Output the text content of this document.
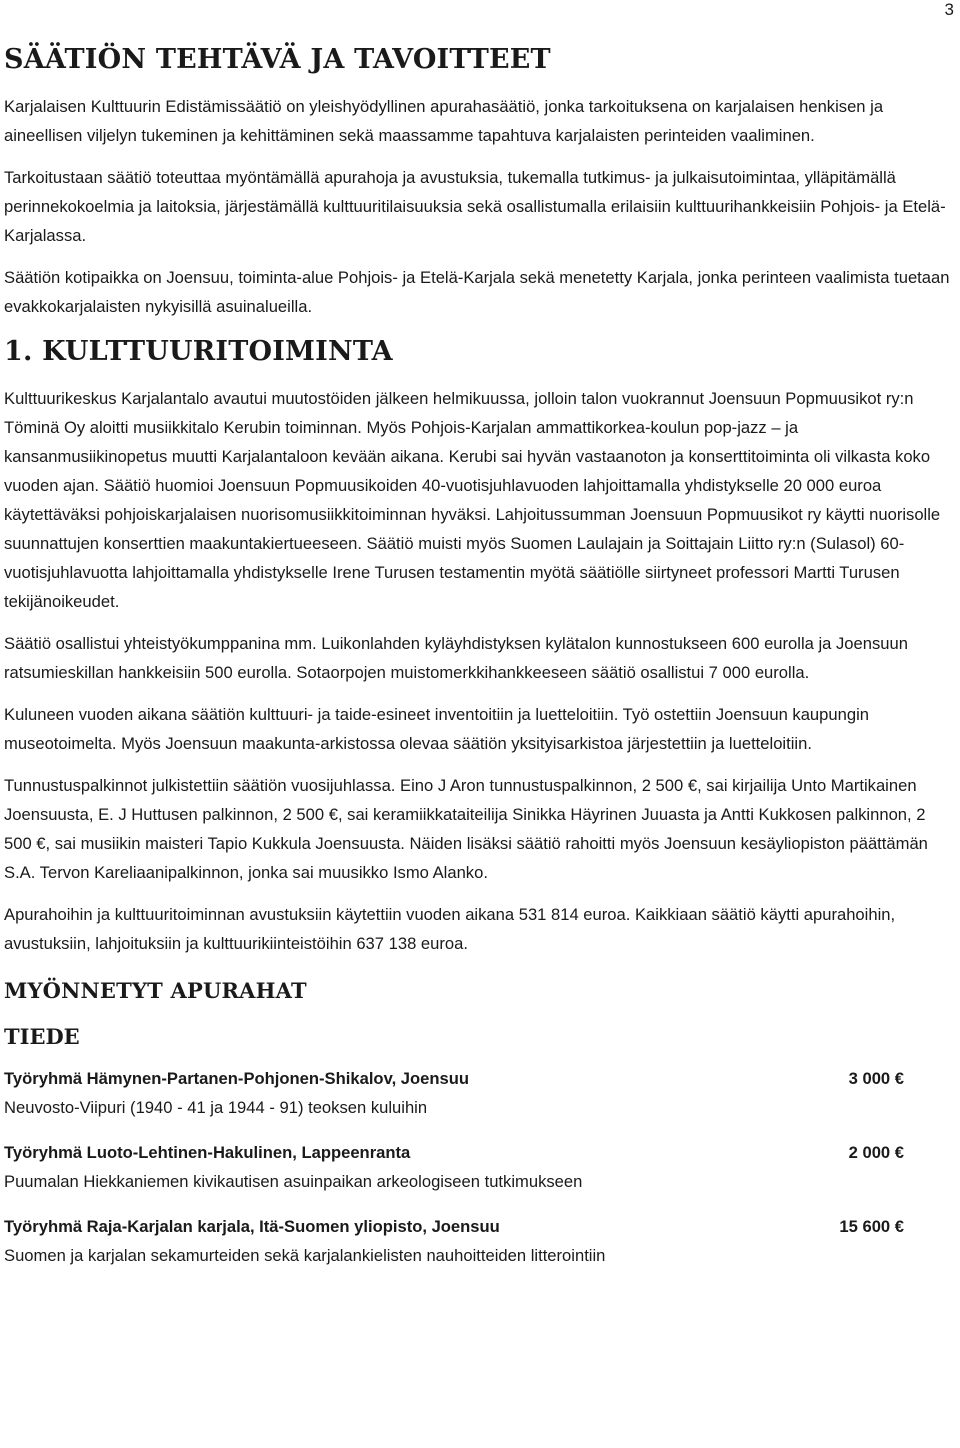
3
SÄÄTIÖN TEHTÄVÄ JA TAVOITTEET

Karjalaisen Kulttuurin Edistämissäätiö on yleishyödyllinen apurahasäätiö, jonka tarkoituksena on karjalaisen henkisen ja aineellisen viljelyn tukeminen ja kehittäminen sekä maassamme tapahtuva karjalaisten perinteiden vaaliminen.

Tarkoitustaan säätiö toteuttaa myöntämällä apurahoja ja avustuksia, tukemalla tutkimus- ja julkaisutoimintaa, ylläpitämällä perinnekokoelmia ja laitoksia, järjestämällä kulttuuritilaisuuksia sekä osallistumalla erilaisiin kulttuurihankkeisiin Pohjois- ja Etelä-Karjalassa.

Säätiön kotipaikka on Joensuu, toiminta-alue Pohjois- ja Etelä-Karjala sekä menetetty Karjala, jonka perinteen vaalimista tuetaan evakkokarjalaisten nykyisillä asuinalueilla.

1. KULTTUURITOIMINTA

Kulttuurikeskus Karjalantalo avautui muutostöiden jälkeen helmikuussa, jolloin talon vuokrannut Joensuun Popmuusikot ry:n Töminä Oy aloitti musiikkitalo Kerubin toiminnan. Myös Pohjois-Karjalan ammattikorkea-koulun pop-jazz – ja kansanmusiikinopetus muutti Karjalantaloon kevään aikana. Kerubi sai hyvän vastaanoton ja konserttitoiminta oli vilkasta koko vuoden ajan. Säätiö huomioi Joensuun Popmuusikoiden 40-vuotisjuhlavuoden lahjoittamalla yhdistykselle 20 000 euroa käytettäväksi pohjoiskarjalaisen nuorisomusiikkitoiminnan hyväksi. Lahjoitussumman Joensuun Popmuusikot ry käytti nuorisolle suunnattujen konserttien maakuntakiertueeseen. Säätiö muisti myös Suomen Laulajain ja Soittajain Liitto ry:n (Sulasol) 60-vuotisjuhlavuotta lahjoittamalla yhdistykselle Irene Turusen testamentin myötä säätiölle siirtyneet professori Martti Turusen tekijänoikeudet.

Säätiö osallistui yhteistyökumppanina mm. Luikonlahden kyläyhdistyksen kylätalon kunnostukseen 600 eurolla ja Joensuun ratsumieskillan hankkeisiin 500 eurolla. Sotaorpojen muistomerkkihankkeeseen säätiö osallistui 7 000 eurolla.

Kuluneen vuoden aikana säätiön kulttuuri- ja taide-esineet inventoitiin ja luetteloitiin. Työ ostettiin Joensuun kaupungin museotoimelta. Myös Joensuun maakunta-arkistossa olevaa säätiön yksityisarkistoa järjestettiin ja luetteloitiin.

Tunnustuspalkinnot julkistettiin säätiön vuosijuhlassa. Eino J Aron tunnustuspalkinnon, 2 500 €, sai kirjailija Unto Martikainen Joensuusta, E. J Huttusen palkinnon, 2 500 €, sai keramiikkataiteilija Sinikka Häyrinen Juuasta ja Antti Kukkosen palkinnon, 2 500 €, sai musiikin maisteri Tapio Kukkula Joensuusta. Näiden lisäksi säätiö rahoitti myös Joensuun kesäyliopiston päättämän S.A. Tervon Kareliaanipalkinnon, jonka sai muusikko Ismo Alanko.

Apurahoihin ja kulttuuritoiminnan avustuksiin käytettiin vuoden aikana 531 814 euroa. Kaikkiaan säätiö käytti apurahoihin, avustuksiin, lahjoituksiin ja kulttuurikiinteistöihin 637 138 euroa.

MYÖNNETYT APURAHAT
TIEDE
Työryhmä Hämynen-Partanen-Pohjonen-Shikalov, Joensuu	3 000 €
Neuvosto-Viipuri (1940 - 41 ja 1944 - 91) teoksen kuluihin
Työryhmä Luoto-Lehtinen-Hakulinen, Lappeenranta	2 000 €
Puumalan Hiekkaniemen kivikautisen asuinpaikan arkeologiseen tutkimukseen
Työryhmä Raja-Karjalan karjala, Itä-Suomen yliopisto, Joensuu	15 600 €
Suomen ja karjalan sekamurteiden sekä karjalankielisten nauhoitteiden litterointiin
